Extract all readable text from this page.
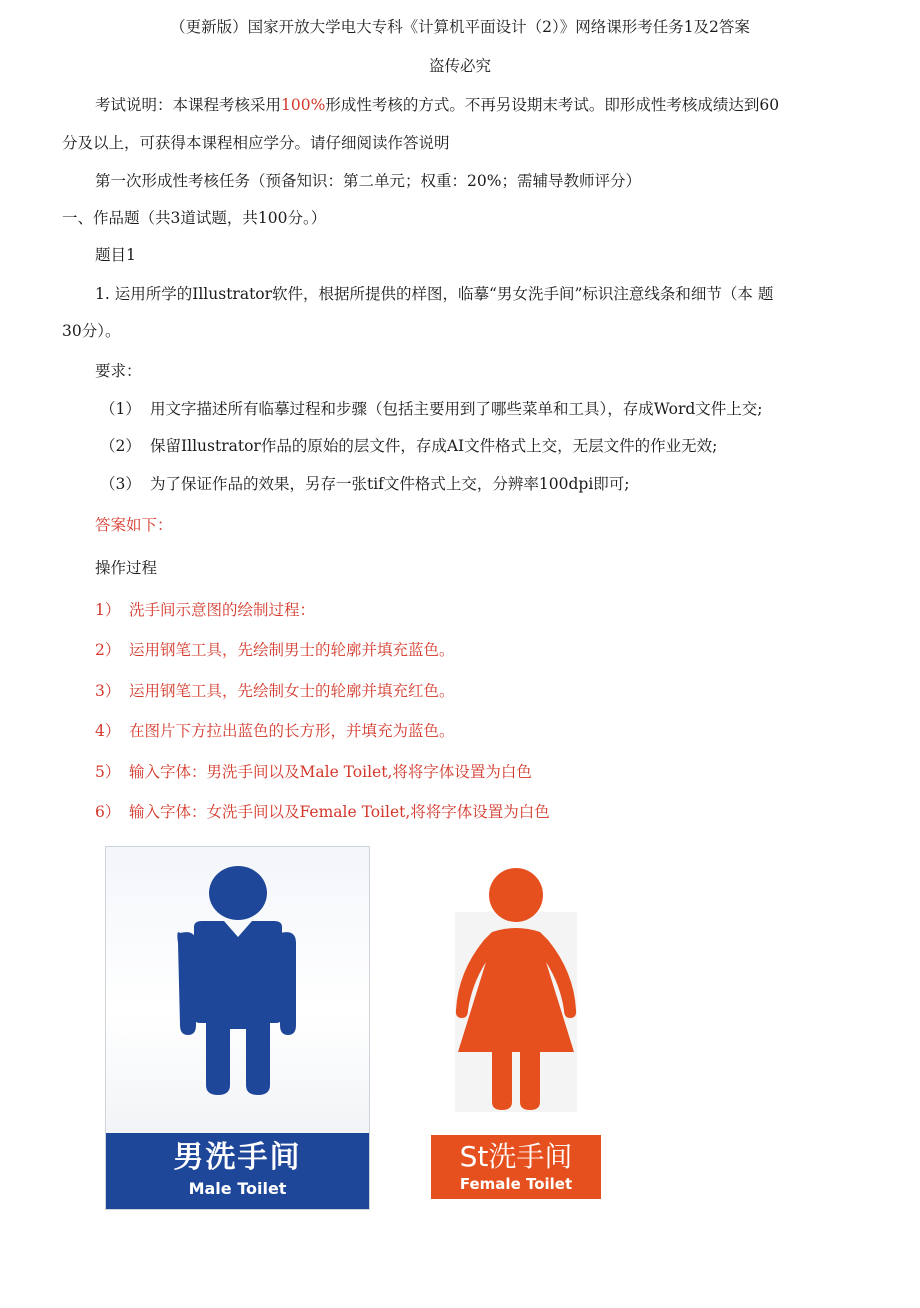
（更新版）国家开放大学电大专科《计算机平面设计（2）》网络课形考任务1及2答案
盗传必究
考试说明：本课程考核采用100%形成性考核的方式。不再另设期末考试。即形成性考核成绩达到60
分及以上，可获得本课程相应学分。请仔细阅读作答说明
第一次形成性考核任务（预备知识：第二单元；权重：20%；需辅导教师评分）
一、作品题（共3道试题，共100分。）
题目1
1. 运用所学的Illustrator软件，根据所提供的样图，临摹“男女洗手间”标识注意线条和细节（本 题
30分）。
要求：
（1） 用文字描述所有临摹过程和步骤（包括主要用到了哪些菜单和工具），存成Word文件上交;
（2） 保留Illustrator作品的原始的层文件，存成AI文件格式上交，无层文件的作业无效;
（3） 为了保证作品的效果，另存一张tif文件格式上交，分辨率100dpi即可;
答案如下：
操作过程
1） 洗手间示意图的绘制过程：
2） 运用钢笔工具，先绘制男士的轮廓并填充蓝色。
3） 运用钢笔工具，先绘制女士的轮廓并填充红色。
4） 在图片下方拉出蓝色的长方形，并填充为蓝色。
5） 输入字体：男洗手间以及Male Toilet,将将字体设置为白色
6） 输入字体：女洗手间以及Female Toilet,将将字体设置为白色
男洗手间
Male Toilet
St洗手间
Female Toilet
